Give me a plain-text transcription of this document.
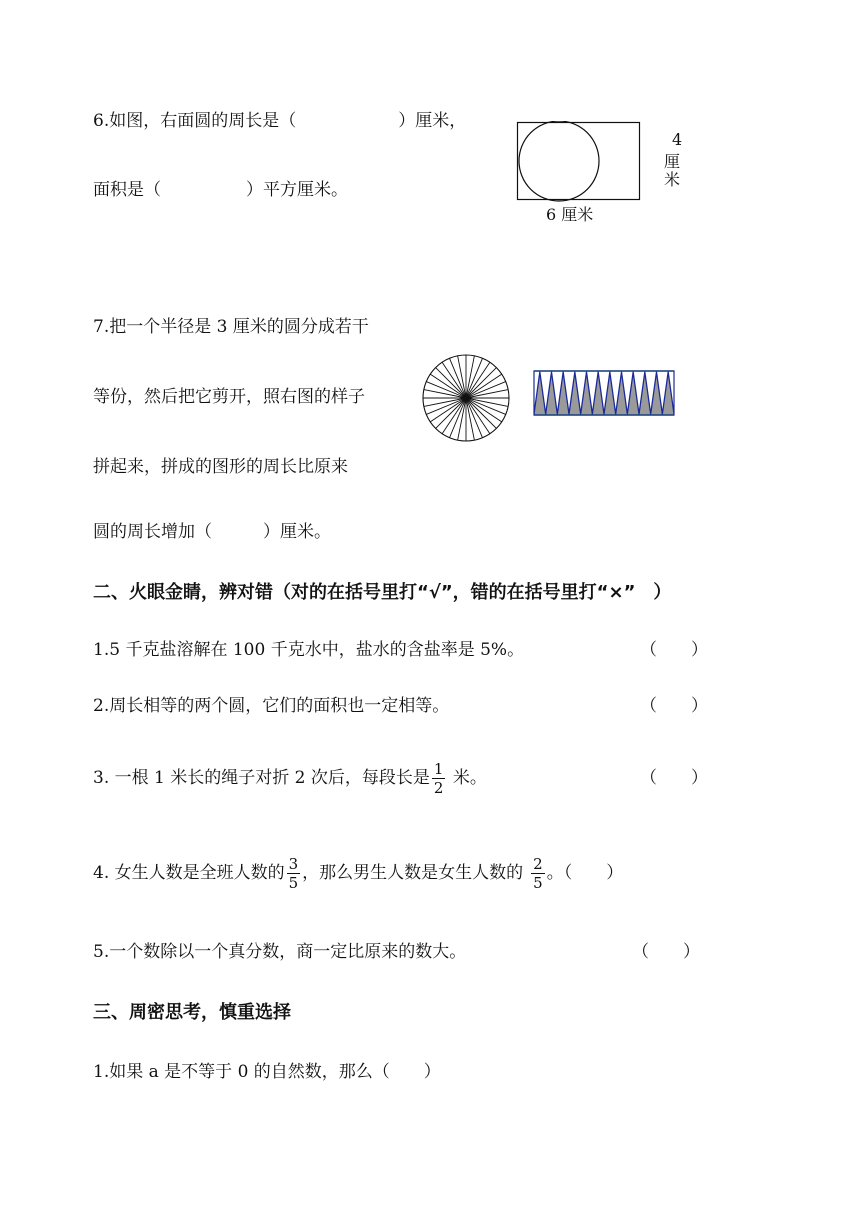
6.如图，右面圆的周长是（　　　　　　）厘米，
面积是（　　　　　）平方厘米。
6 厘米
4
厘
米
7.把一个半径是 3 厘米的圆分成若干
等份，然后把它剪开，照右图的样子
拼起来，拼成的图形的周长比原来
圆的周长增加（　　　）厘米。
二、火眼金睛，辨对错（对的在括号里打“√”，错的在括号里打“×”　）
1.5 千克盐溶解在 100 千克水中，盐水的含盐率是 5%。	（　　）
2.周长相等的两个圆，它们的面积也一定相等。	（　　）
3. 一根 1 米长的绳子对折 2 次后，每段长是 $\frac{1}{2}$ 米。	（　　）
4. 女生人数是全班人数的 $\frac{3}{5}$ ，那么男生人数是女生人数的 $\frac{2}{5}$ 。（　　）
5.一个数除以一个真分数，商一定比原来的数大。	（　　）
三、周密思考，慎重选择
1.如果 a 是不等于 0 的自然数，那么（　　）
